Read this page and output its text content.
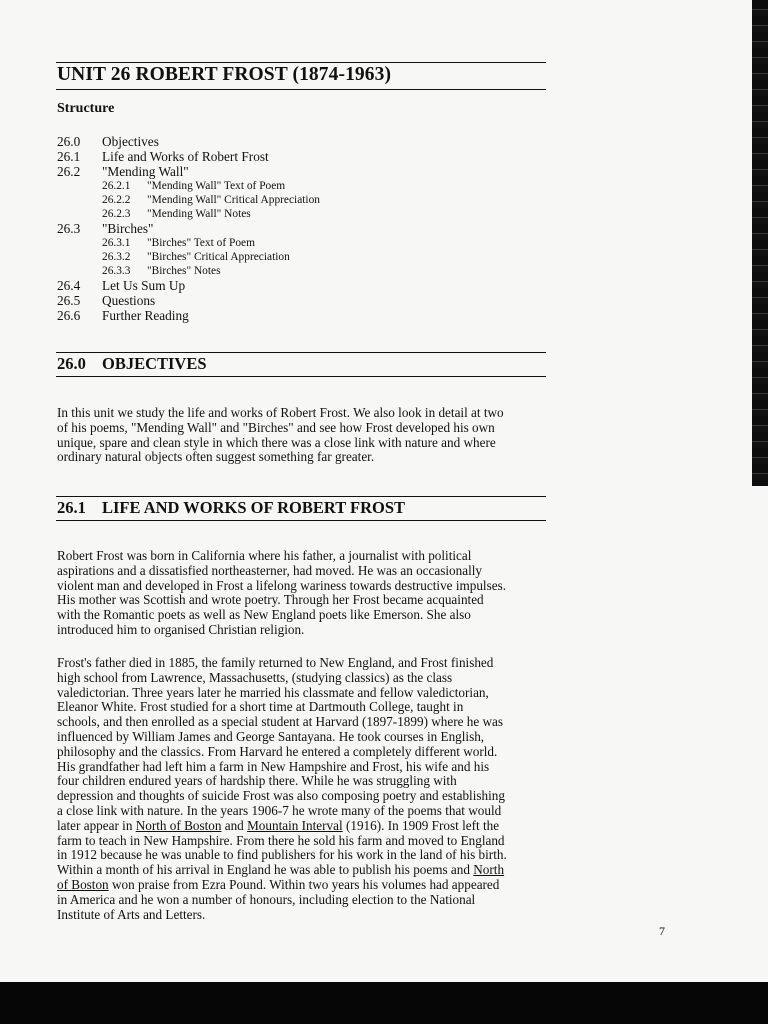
UNIT 26 ROBERT FROST (1874-1963)
Structure
26.0 Objectives
26.1 Life and Works of Robert Frost
26.2 "Mending Wall"
26.2.1 "Mending Wall" Text of Poem
26.2.2 "Mending Wall" Critical Appreciation
26.2.3 "Mending Wall" Notes
26.3 "Birches"
26.3.1 "Birches" Text of Poem
26.3.2 "Birches" Critical Appreciation
26.3.3 "Birches" Notes
26.4 Let Us Sum Up
26.5 Questions
26.6 Further Reading
26.0 OBJECTIVES
In this unit we study the life and works of Robert Frost. We also look in detail at two
of his poems, "Mending Wall" and "Birches" and see how Frost developed his own
unique, spare and clean style in which there was a close link with nature and where
ordinary natural objects often suggest something far greater.
26.1 LIFE AND WORKS OF ROBERT FROST
Robert Frost was born in California where his father, a journalist with political
aspirations and a dissatisfied northeasterner, had moved. He was an occasionally
violent man and developed in Frost a lifelong wariness towards destructive impulses.
His mother was Scottish and wrote poetry. Through her Frost became acquainted
with the Romantic poets as well as New England poets like Emerson. She also
introduced him to organised Christian religion.
Frost's father died in 1885, the family returned to New England, and Frost finished
high school from Lawrence, Massachusetts, (studying classics) as the class
valedictorian. Three years later he married his classmate and fellow valedictorian,
Eleanor White. Frost studied for a short time at Dartmouth College, taught in
schools, and then enrolled as a special student at Harvard (1897-1899) where he was
influenced by William James and George Santayana. He took courses in English,
philosophy and the classics. From Harvard he entered a completely different world.
His grandfather had left him a farm in New Hampshire and Frost, his wife and his
four children endured years of hardship there. While he was struggling with
depression and thoughts of suicide Frost was also composing poetry and establishing
a close link with nature. In the years 1906-7 he wrote many of the poems that would
later appear in North of Boston and Mountain Interval (1916). In 1909 Frost left the
farm to teach in New Hampshire. From there he sold his farm and moved to England
in 1912 because he was unable to find publishers for his work in the land of his birth.
Within a month of his arrival in England he was able to publish his poems and North
of Boston won praise from Ezra Pound. Within two years his volumes had appeared
in America and he won a number of honours, including election to the National
Institute of Arts and Letters.
7
